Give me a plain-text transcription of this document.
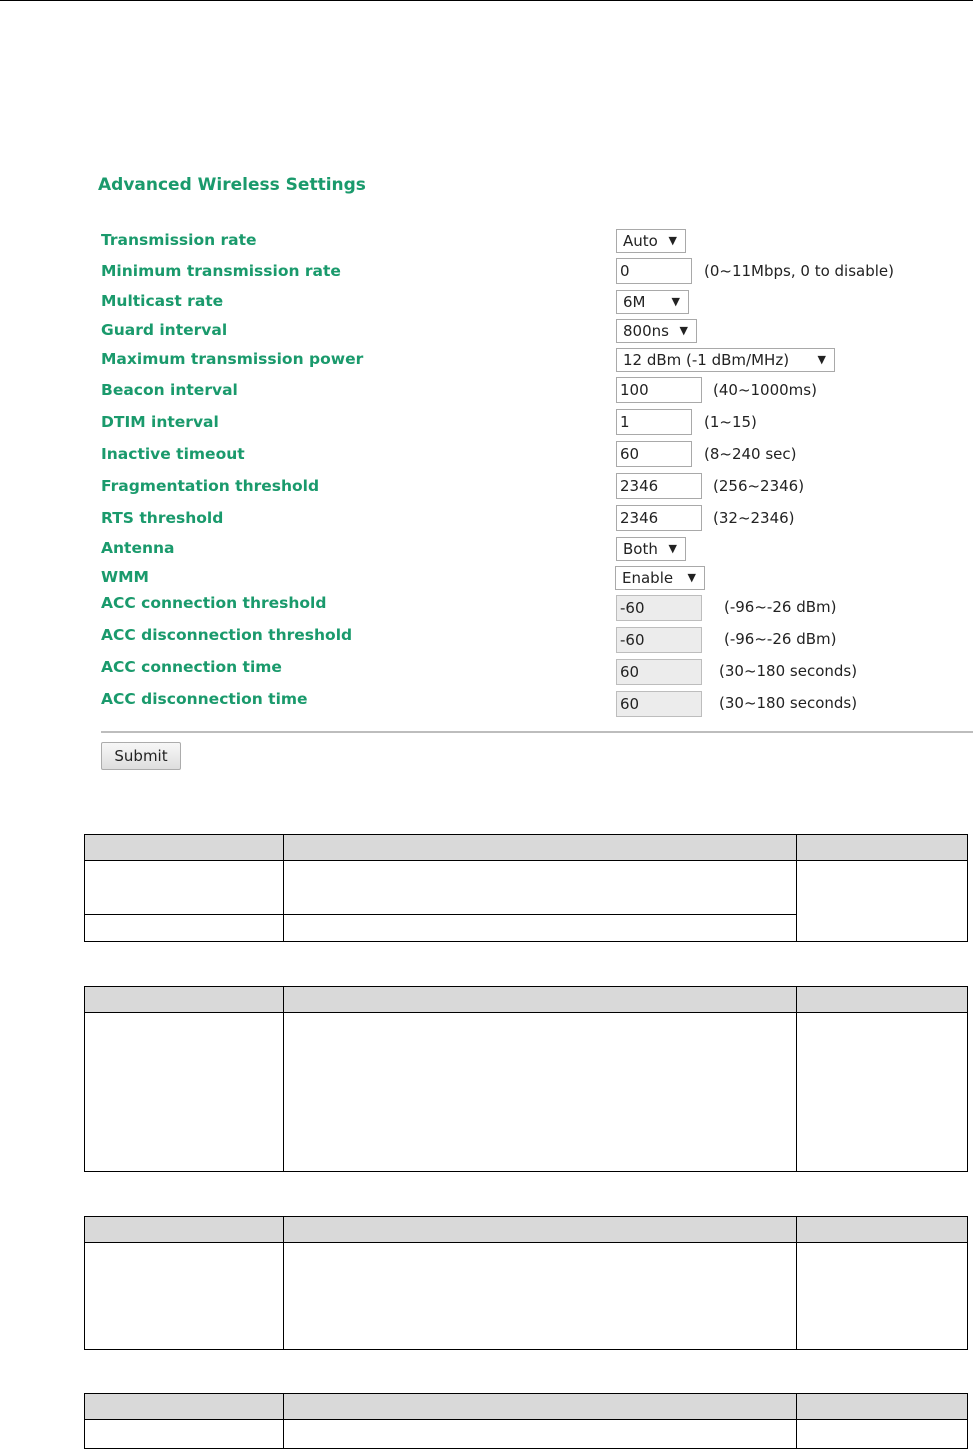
Advanced Wireless Settings
Transmission rate	Auto ▼
Minimum transmission rate	0	(0~11Mbps, 0 to disable)
Multicast rate	6M ▼
Guard interval	800ns ▼
Maximum transmission power	12 dBm (-1 dBm/MHz)	▼
Beacon interval	100	(40~1000ms)
DTIM interval	1	(1~15)
Inactive timeout	60	(8~240 sec)
Fragmentation threshold	2346	(256~2346)
RTS threshold	2346	(32~2346)
Antenna	Both ▼
WMM	Enable ▼
ACC connection threshold	-60	(-96~-26 dBm)
ACC disconnection threshold	-60	(-96~-26 dBm)
ACC connection time	60	(30~180 seconds)
ACC disconnection time	60	(30~180 seconds)
Submit
